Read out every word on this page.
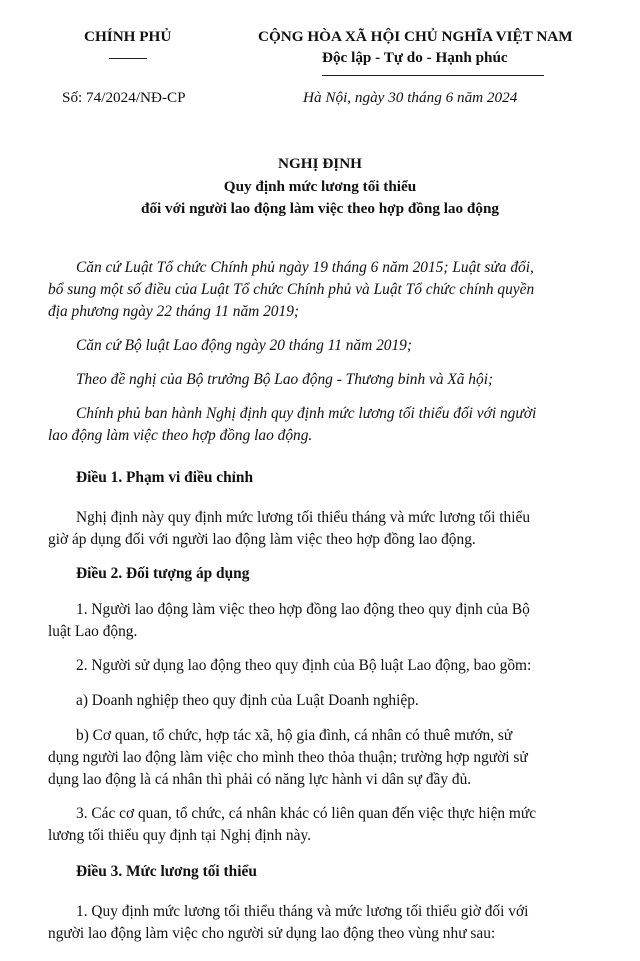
CHÍNH PHỦ	CỘNG HÒA XÃ HỘI CHỦ NGHĨA VIỆT NAM
Độc lập - Tự do - Hạnh phúc
Số: 74/2024/NĐ-CP	Hà Nội, ngày 30 tháng 6 năm 2024
NGHỊ ĐỊNH
Quy định mức lương tối thiểu
đối với người lao động làm việc theo hợp đồng lao động
Căn cứ Luật Tổ chức Chính phủ ngày 19 tháng 6 năm 2015; Luật sửa đổi,
bổ sung một số điều của Luật Tổ chức Chính phủ và Luật Tổ chức chính quyền
địa phương ngày 22 tháng 11 năm 2019;
Căn cứ Bộ luật Lao động ngày 20 tháng 11 năm 2019;
Theo đề nghị của Bộ trưởng Bộ Lao động - Thương binh và Xã hội;
Chính phủ ban hành Nghị định quy định mức lương tối thiểu đối với người
lao động làm việc theo hợp đồng lao động.
Điều 1. Phạm vi điều chỉnh
Nghị định này quy định mức lương tối thiểu tháng và mức lương tối thiểu
giờ áp dụng đối với người lao động làm việc theo hợp đồng lao động.
Điều 2. Đối tượng áp dụng
1. Người lao động làm việc theo hợp đồng lao động theo quy định của Bộ
luật Lao động.
2. Người sử dụng lao động theo quy định của Bộ luật Lao động, bao gồm:
a) Doanh nghiệp theo quy định của Luật Doanh nghiệp.
b) Cơ quan, tổ chức, hợp tác xã, hộ gia đình, cá nhân có thuê mướn, sử
dụng người lao động làm việc cho mình theo thỏa thuận; trường hợp người sử
dụng lao động là cá nhân thì phải có năng lực hành vi dân sự đầy đủ.
3. Các cơ quan, tổ chức, cá nhân khác có liên quan đến việc thực hiện mức
lương tối thiểu quy định tại Nghị định này.
Điều 3. Mức lương tối thiểu
1. Quy định mức lương tối thiểu tháng và mức lương tối thiểu giờ đối với
người lao động làm việc cho người sử dụng lao động theo vùng như sau:
